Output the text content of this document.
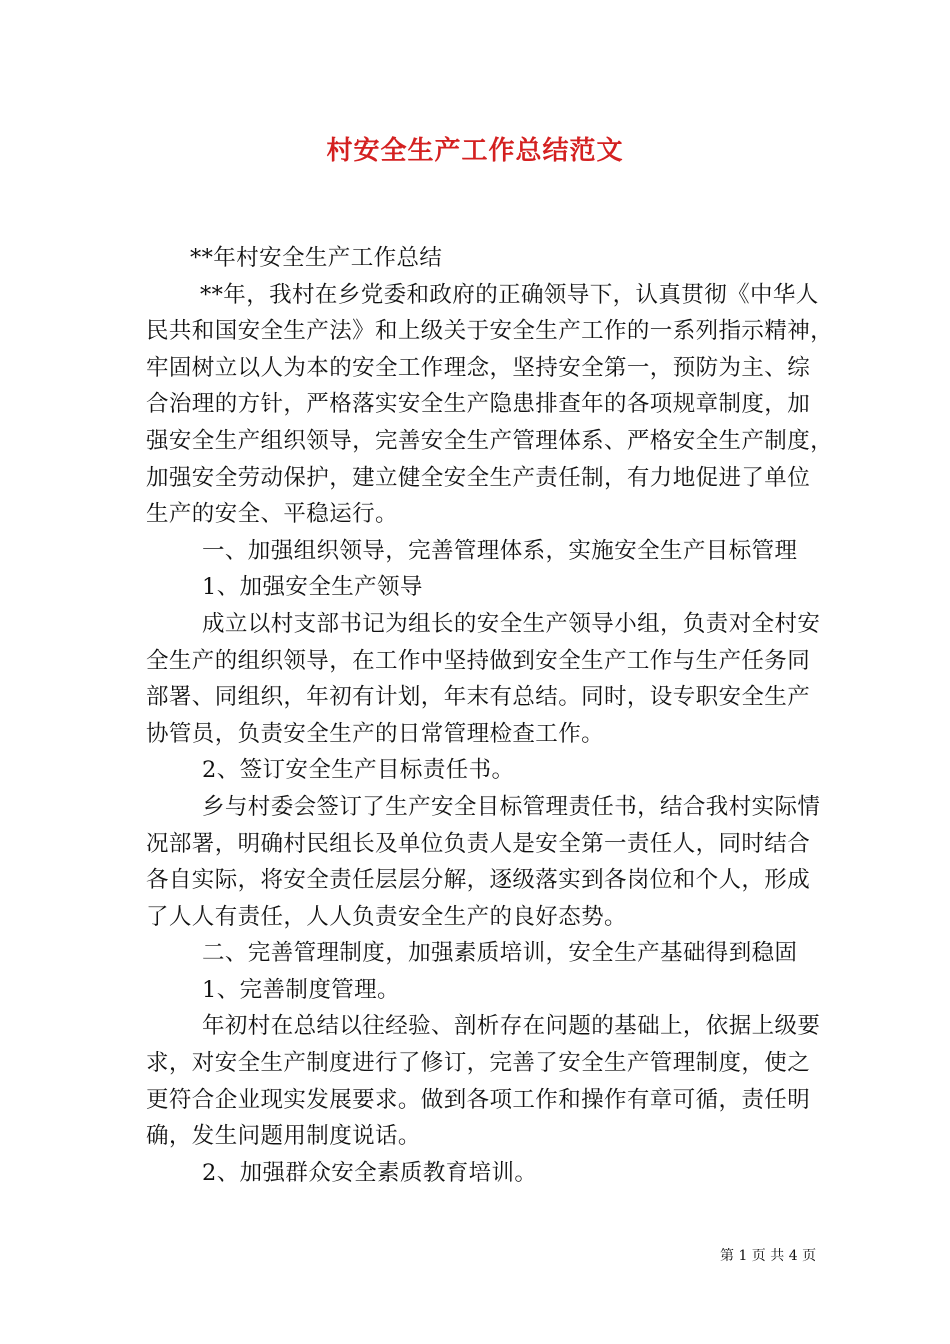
村安全生产工作总结范文
**年村安全生产工作总结
**年，我村在乡党委和政府的正确领导下，认真贯彻《中华人
民共和国安全生产法》和上级关于安全生产工作的一系列指示精神，
牢固树立以人为本的安全工作理念，坚持安全第一，预防为主、综
合治理的方针，严格落实安全生产隐患排查年的各项规章制度，加
强安全生产组织领导，完善安全生产管理体系、严格安全生产制度，
加强安全劳动保护，建立健全安全生产责任制，有力地促进了单位
生产的安全、平稳运行。
一、加强组织领导，完善管理体系，实施安全生产目标管理
1、加强安全生产领导
成立以村支部书记为组长的安全生产领导小组，负责对全村安
全生产的组织领导，在工作中坚持做到安全生产工作与生产任务同
部署、同组织，年初有计划，年末有总结。同时，设专职安全生产
协管员，负责安全生产的日常管理检查工作。
2、签订安全生产目标责任书。
乡与村委会签订了生产安全目标管理责任书，结合我村实际情
况部署，明确村民组长及单位负责人是安全第一责任人，同时结合
各自实际，将安全责任层层分解，逐级落实到各岗位和个人，形成
了人人有责任，人人负责安全生产的良好态势。
二、完善管理制度，加强素质培训，安全生产基础得到稳固
1、完善制度管理。
年初村在总结以往经验、剖析存在问题的基础上，依据上级要
求，对安全生产制度进行了修订，完善了安全生产管理制度，使之
更符合企业现实发展要求。做到各项工作和操作有章可循，责任明
确，发生问题用制度说话。
2、加强群众安全素质教育培训。
第 1 页 共 4 页
